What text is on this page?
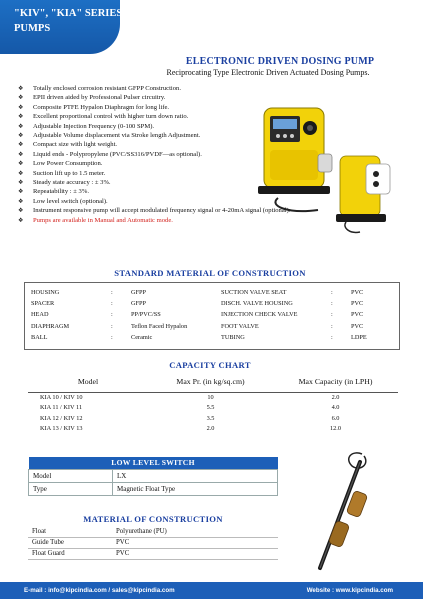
"KIV", "KIA" SERIES METERING
PUMPS
ELECTRONIC DRIVEN DOSING PUMP
Reciprocating Type Electronic Driven Actuated Dosing Pumps.
❖ Totally enclosed corrosion resistant GFPP Construction.
❖ EPII driven aided by Professional Pulser circuitry.
❖ Composite PTFE Hypalon Diaphragm for long life.
❖ Excellent proportional control with higher turn down ratio.
❖ Adjustable Injection Frequency (0-100 SPM).
❖ Adjustable Volume displacement via Stroke length Adjustment.
❖ Compact size with light weight.
❖ Liquid ends - Polypropylene (PVC/SS316/PVDF—as optional).
❖ Low Power Consumption.
❖ Suction lift up to 1.5 meter.
❖ Steady state accuracy : ± 3%.
❖ Repeatability : ± 3%.
❖ Low level switch (optional).
❖ Instrument responsive pump will accept modulated frequency signal or 4-20mA signal (optional).
❖ Pumps are available in Manual and Automatic mode.
STANDARD MATERIAL OF CONSTRUCTION
HOUSING	:	GFPP
SPACER	:	GFPP
HEAD	:	PP/PVC/SS
DIAPHRAGM	:	Teflon Faced Hypalon
BALL	:	Ceramic
SUCTION VALVE SEAT	:	PVC
DISCH. VALVE HOUSING	:	PVC
INJECTION CHECK VALVE	:	PVC
FOOT VALVE	:	PVC
TUBING	:	LDPE
CAPACITY CHART
Model	Max Pr. (in kg/sq.cm)	Max Capacity (in LPH)
KIA 10 / KIV 10	10	2.0
KIA 11 / KIV 11	5.5	4.0
KIA 12 / KIV 12	3.5	6.0
KIA 13 / KIV 13	2.0	12.0
LOW LEVEL SWITCH	
Model	LX
Type	Magnetic Float Type
MATERIAL OF CONSTRUCTION
Float	Polyurethane (PU)
Guide Tube	PVC
Float Guard	PVC
E-mail : info@kipcindia.com / sales@kipcindia.com	Website : www.kipcindia.com
